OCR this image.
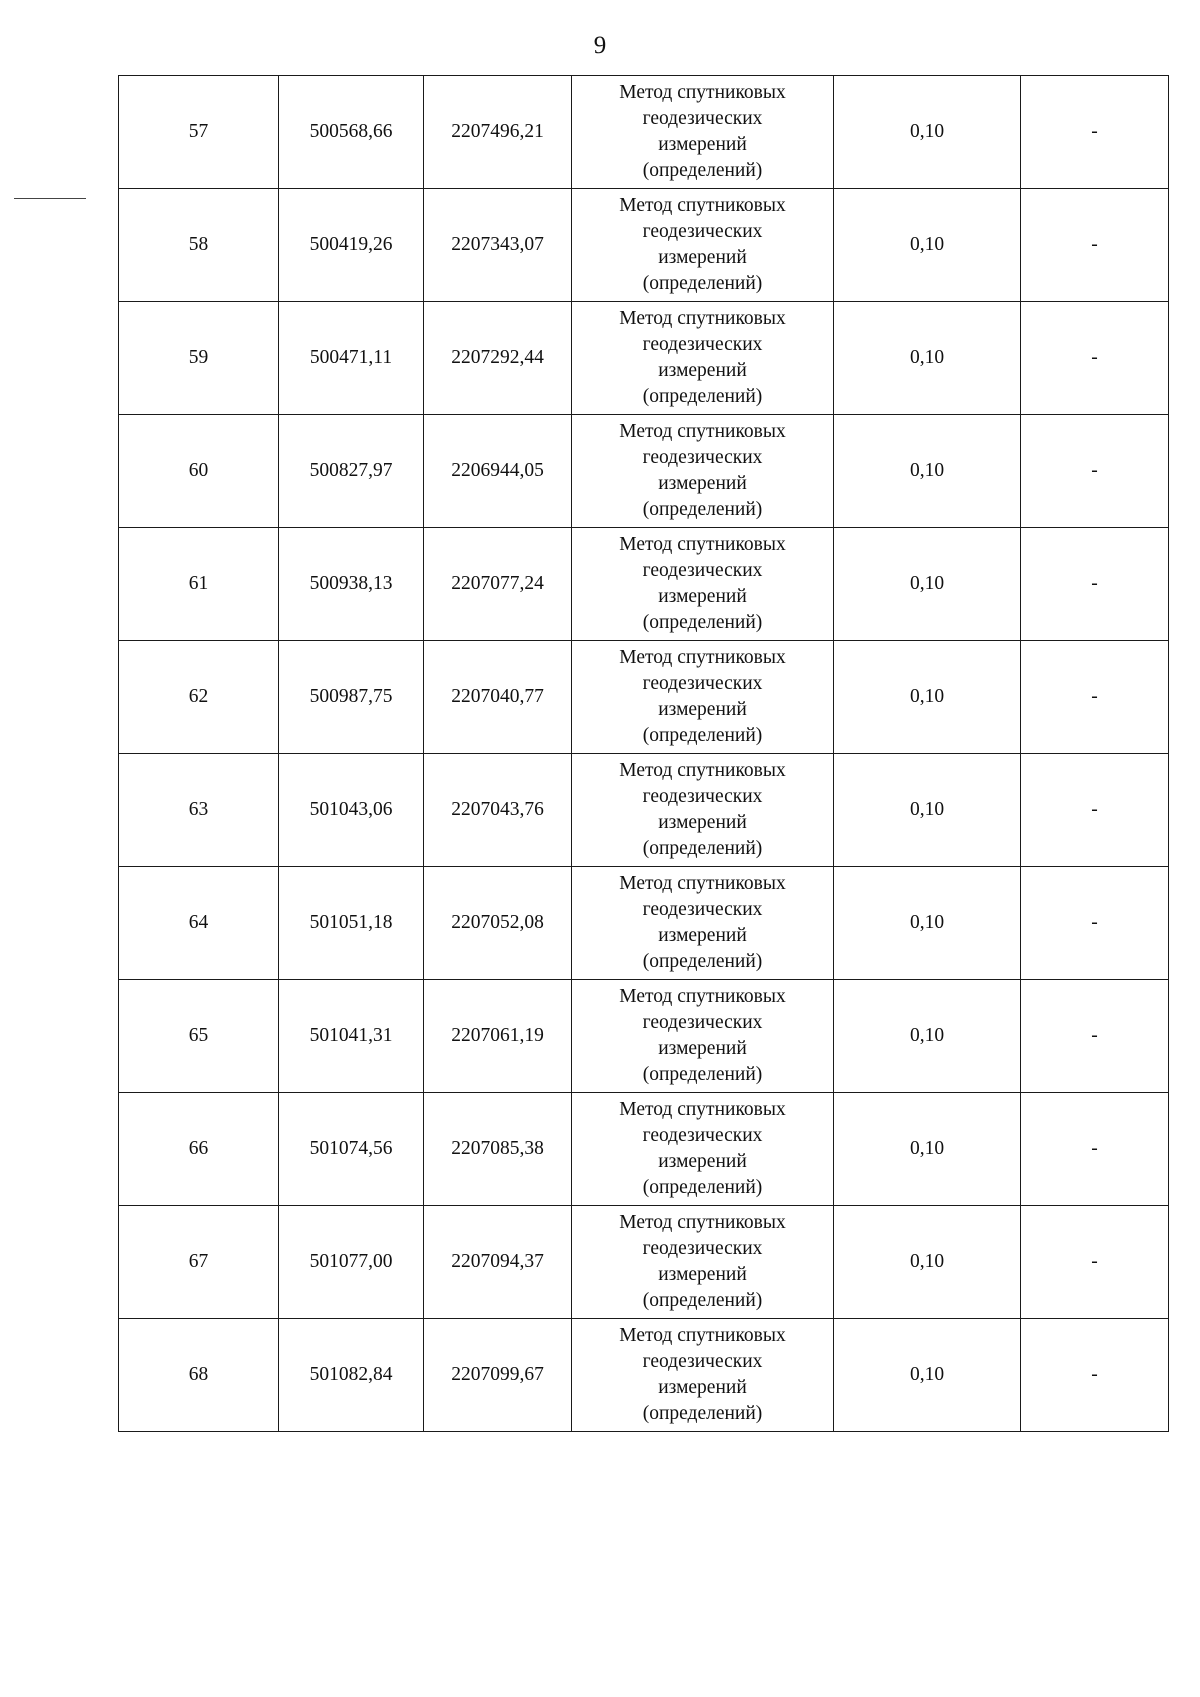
9
57	500568,66	2207496,21	Метод спутниковых
геодезических
измерений
(определений)	0,10	-
58	500419,26	2207343,07	Метод спутниковых
геодезических
измерений
(определений)	0,10	-
59	500471,11	2207292,44	Метод спутниковых
геодезических
измерений
(определений)	0,10	-
60	500827,97	2206944,05	Метод спутниковых
геодезических
измерений
(определений)	0,10	-
61	500938,13	2207077,24	Метод спутниковых
геодезических
измерений
(определений)	0,10	-
62	500987,75	2207040,77	Метод спутниковых
геодезических
измерений
(определений)	0,10	-
63	501043,06	2207043,76	Метод спутниковых
геодезических
измерений
(определений)	0,10	-
64	501051,18	2207052,08	Метод спутниковых
геодезических
измерений
(определений)	0,10	-
65	501041,31	2207061,19	Метод спутниковых
геодезических
измерений
(определений)	0,10	-
66	501074,56	2207085,38	Метод спутниковых
геодезических
измерений
(определений)	0,10	-
67	501077,00	2207094,37	Метод спутниковых
геодезических
измерений
(определений)	0,10	-
68	501082,84	2207099,67	Метод спутниковых
геодезических
измерений
(определений)	0,10	-
